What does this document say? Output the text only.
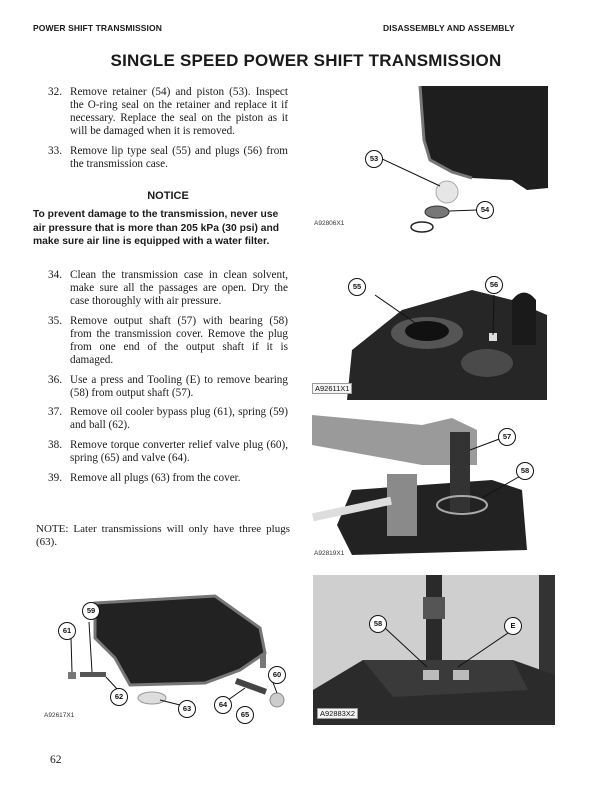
POWER SHIFT TRANSMISSION	DISASSEMBLY AND ASSEMBLY
SINGLE SPEED POWER SHIFT TRANSMISSION
32. Remove retainer (54) and piston (53). Inspect the O-ring seal on the retainer and replace it if necessary. Replace the seal on the piston as it will be damaged when it is removed.
33. Remove lip type seal (55) and plugs (56) from the transmission case.
NOTICE
To prevent damage to the transmission, never use air pressure that is more than 205 kPa (30 psi) and make sure air line is equipped with a water filter.
34. Clean the transmission case in clean solvent, make sure all the passages are open. Dry the case thoroughly with air pressure.
35. Remove output shaft (57) with bearing (58) from the transmission cover. Remove the plug from one end of the output shaft if it is damaged.
36. Use a press and Tooling (E) to remove bearing (58) from output shaft (57).
37. Remove oil cooler bypass plug (61), spring (59) and ball (62).
38. Remove torque converter relief valve plug (60), spring (65) and valve (64).
39. Remove all plugs (63) from the cover.
NOTE: Later transmissions will only have three plugs (63).
53
54
A92806X1
55	56
A92611X1
57
58
A92819X1
59
61
62
63	64
65
60
A92617X1
58	E
A92883X2
62
